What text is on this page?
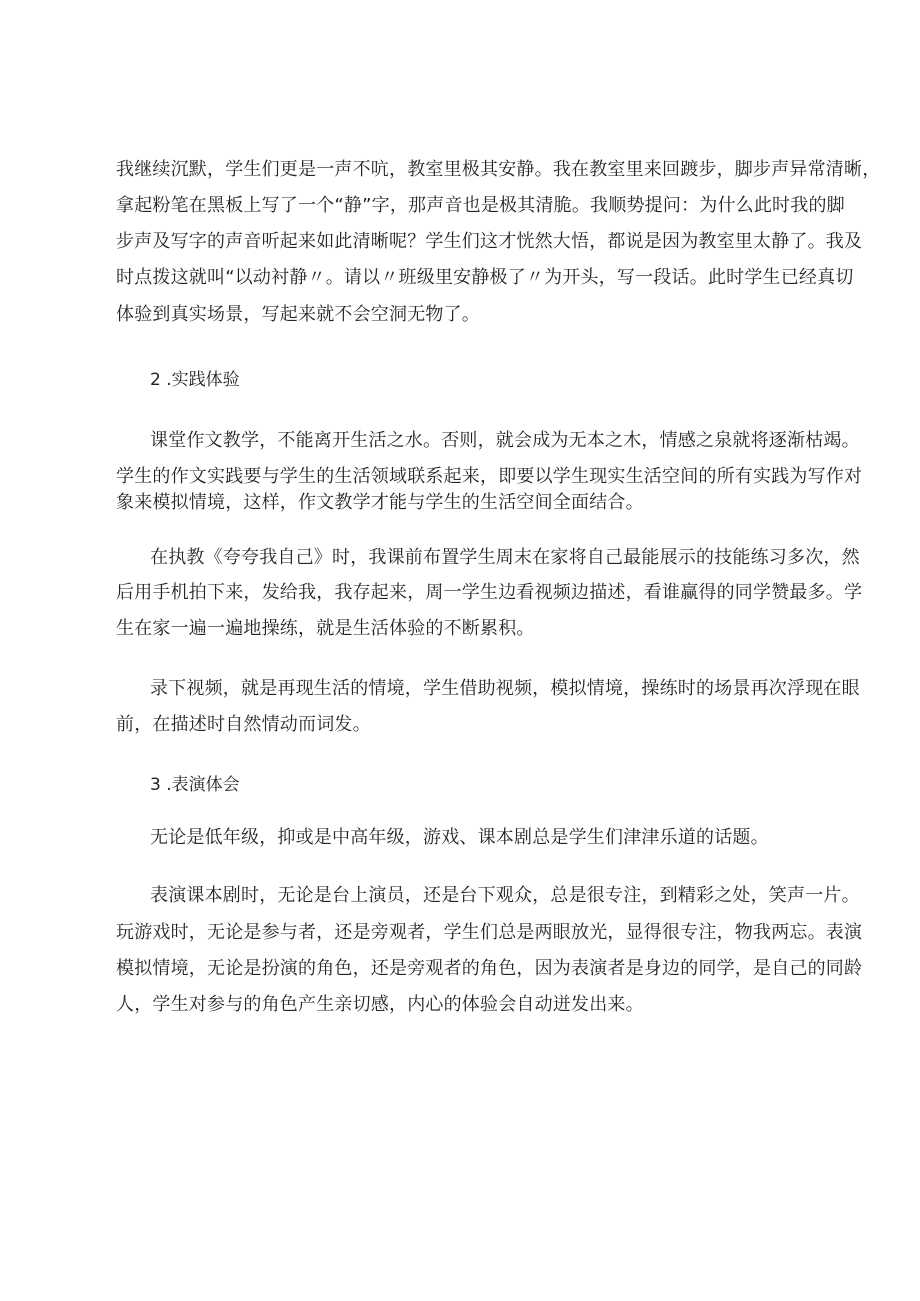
我继续沉默，学生们更是一声不吭，教室里极其安静。我在教室里来回踱步，脚步声异常清晰，
拿起粉笔在黑板上写了一个“静”字，那声音也是极其清脆。我顺势提问：为什么此时我的脚
步声及写字的声音听起来如此清晰呢？学生们这才恍然大悟，都说是因为教室里太静了。我及
时点拨这就叫“以动衬静〃。请以〃班级里安静极了〃为开头，写一段话。此时学生已经真切
体验到真实场景，写起来就不会空洞无物了。
2 .实践体验
课堂作文教学，不能离开生活之水。否则，就会成为无本之木，情感之泉就将逐渐枯竭。
学生的作文实践要与学生的生活领域联系起来，即要以学生现实生活空间的所有实践为写作对
象来模拟情境，这样，作文教学才能与学生的生活空间全面结合。
在执教《夸夸我自己》时，我课前布置学生周末在家将自己最能展示的技能练习多次，然
后用手机拍下来，发给我，我存起来，周一学生边看视频边描述，看谁赢得的同学赞最多。学
生在家一遍一遍地操练，就是生活体验的不断累积。
录下视频，就是再现生活的情境，学生借助视频，模拟情境，操练时的场景再次浮现在眼
前，在描述时自然情动而词发。
3 .表演体会
无论是低年级，抑或是中高年级，游戏、课本剧总是学生们津津乐道的话题。
表演课本剧时，无论是台上演员，还是台下观众，总是很专注，到精彩之处，笑声一片。
玩游戏时，无论是参与者，还是旁观者，学生们总是两眼放光，显得很专注，物我两忘。表演
模拟情境，无论是扮演的角色，还是旁观者的角色，因为表演者是身边的同学，是自己的同龄
人，学生对参与的角色产生亲切感，内心的体验会自动迸发出来。
